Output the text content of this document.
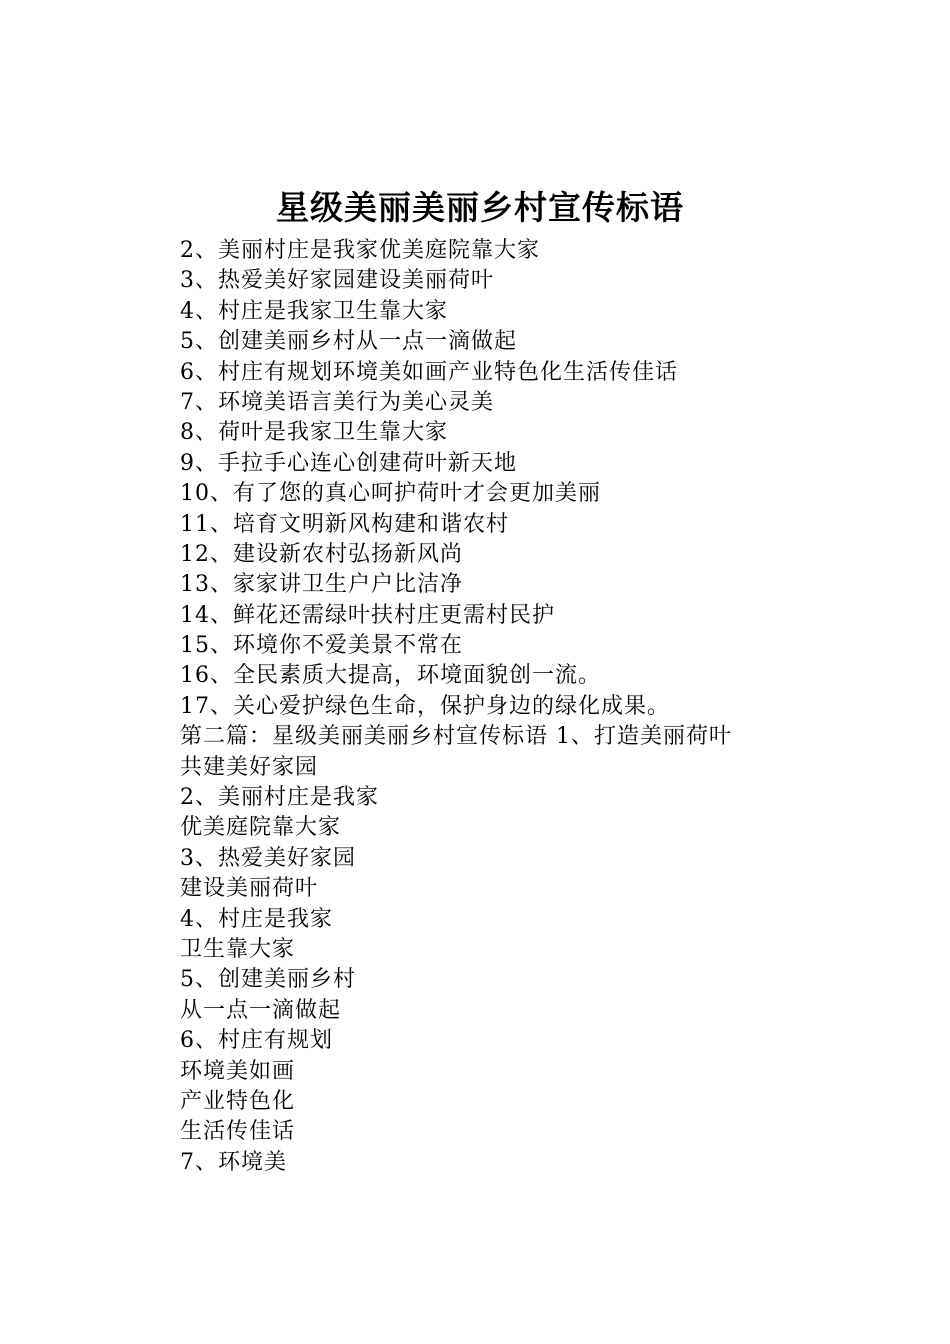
星级美丽美丽乡村宣传标语
2、美丽村庄是我家优美庭院靠大家
3、热爱美好家园建设美丽荷叶
4、村庄是我家卫生靠大家
5、创建美丽乡村从一点一滴做起
6、村庄有规划环境美如画产业特色化生活传佳话
7、环境美语言美行为美心灵美
8、荷叶是我家卫生靠大家
9、手拉手心连心创建荷叶新天地
10、有了您的真心呵护荷叶才会更加美丽
11、培育文明新风构建和谐农村
12、建设新农村弘扬新风尚
13、家家讲卫生户户比洁净
14、鲜花还需绿叶扶村庄更需村民护
15、环境你不爱美景不常在
16、全民素质大提高，环境面貌创一流。
17、关心爱护绿色生命，保护身边的绿化成果。
第二篇：星级美丽美丽乡村宣传标语 1、打造美丽荷叶
共建美好家园
2、美丽村庄是我家
优美庭院靠大家
3、热爱美好家园
建设美丽荷叶
4、村庄是我家
卫生靠大家
5、创建美丽乡村
从一点一滴做起
6、村庄有规划
环境美如画
产业特色化
生活传佳话
7、环境美
